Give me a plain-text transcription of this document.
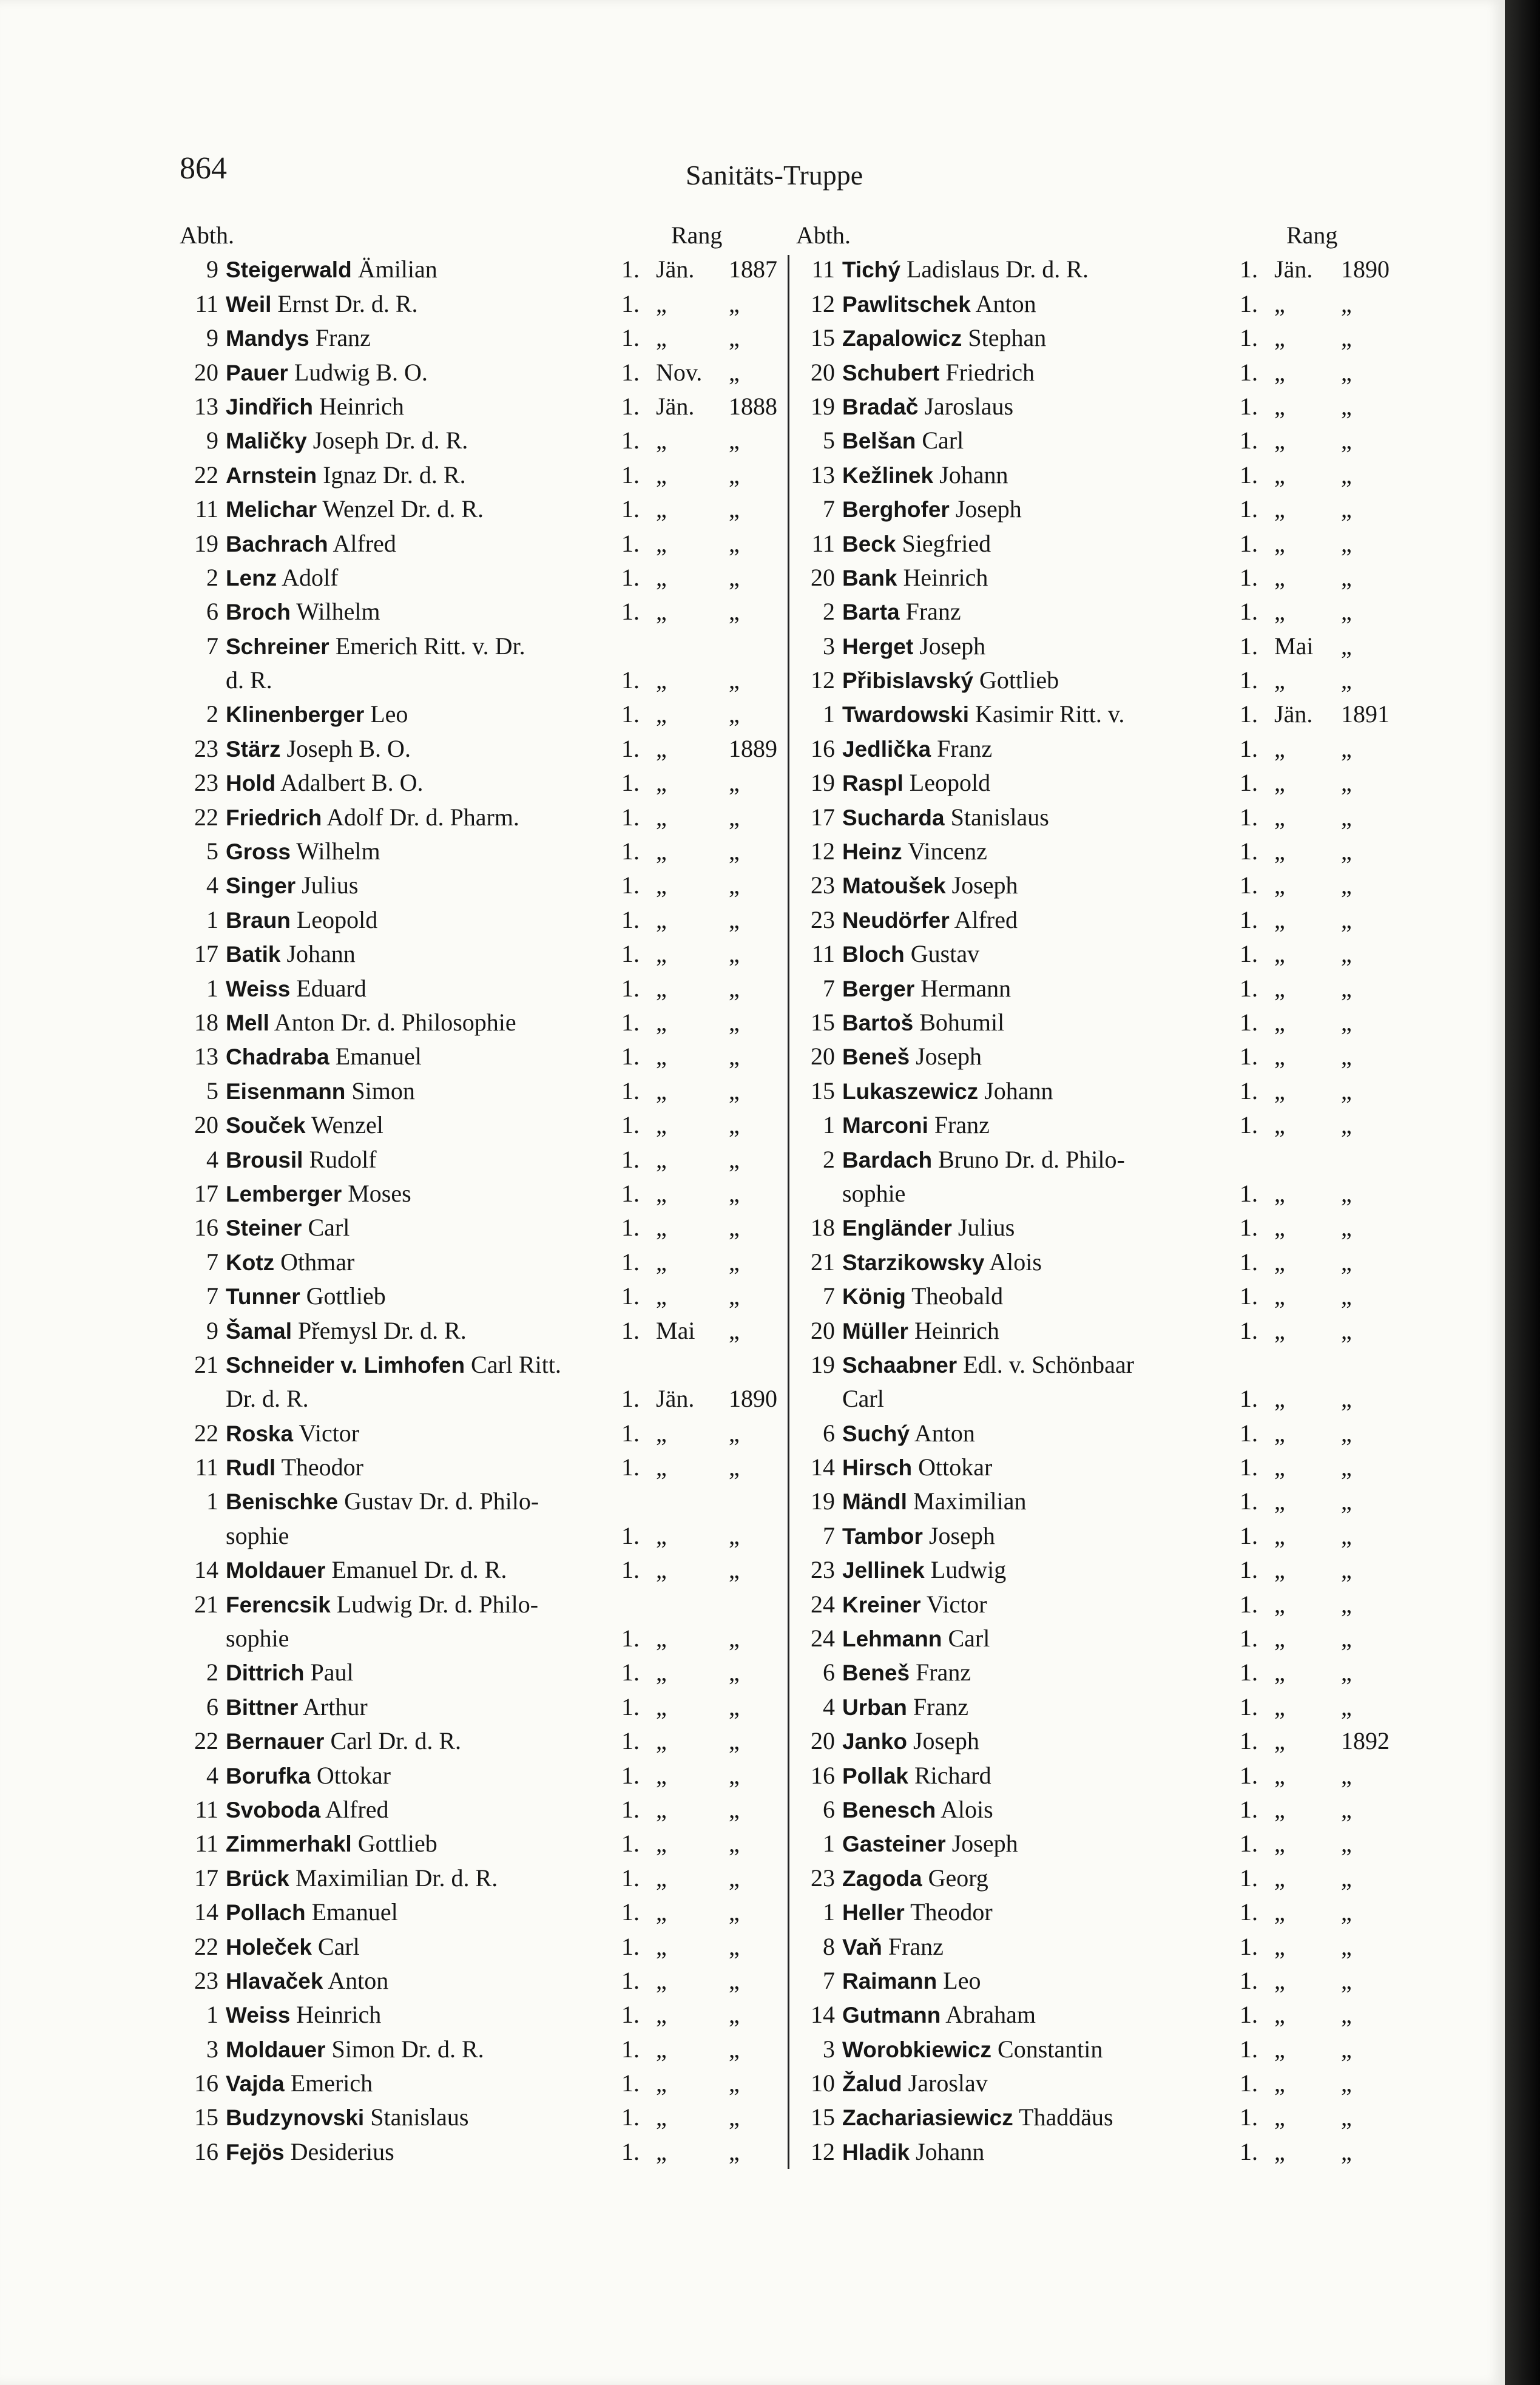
864	Sanitäts-Truppe
Abth.	Rang
9 Steigerwald Ämilian	1. Jän. 1887
11 Weil Ernst Dr. d. R.	1. „	„
9 Mandys Franz	1. „	„
20 Pauer Ludwig B. O.	1. Nov. „
13 Jindřich Heinrich	1. Jän. 1888
9 Maličky Joseph Dr. d. R.	1. „	„
22 Arnstein Ignaz Dr. d. R.	1. „	„
11 Melichar Wenzel Dr. d. R.	1. „	„
19 Bachrach Alfred	1. „	„
2 Lenz Adolf	1. „	„
6 Broch Wilhelm	1. „	„
7 Schreiner Emerich Ritt. v. Dr.
d. R.	1. „	„
2 Klinenberger Leo	1. „	„
23 Stärz Joseph B. O.	1. „	1889
23 Hold Adalbert B. O.	1. „	„
22 Friedrich Adolf Dr. d. Pharm.	1. „	„
5 Gross Wilhelm	1. „	„
4 Singer Julius	1. „	„
1 Braun Leopold	1. „	„
17 Batik Johann	1. „	„
1 Weiss Eduard	1. „	„
18 Mell Anton Dr. d. Philosophie	1. „	„
13 Chadraba Emanuel	1. „	„
5 Eisenmann Simon	1. „	„
20 Souček Wenzel	1. „	„
4 Brousil Rudolf	1. „	„
17 Lemberger Moses	1. „	„
16 Steiner Carl	1. „	„
7 Kotz Othmar	1. „	„
7 Tunner Gottlieb	1. „	„
9 Šamal Přemysl Dr. d. R.	1. Mai „
21 Schneider v. Limhofen Carl Ritt.
Dr. d. R.	1. Jän. 1890
22 Roska Victor	1. „	„
11 Rudl Theodor	1. „	„
1 Benischke Gustav Dr. d. Philo-
sophie	1. „	„
14 Moldauer Emanuel Dr. d. R.	1. „	„
21 Ferencsik Ludwig Dr. d. Philo-
sophie	1. „	„
2 Dittrich Paul	1. „	„
6 Bittner Arthur	1. „	„
22 Bernauer Carl Dr. d. R.	1. „	„
4 Borufka Ottokar	1. „	„
11 Svoboda Alfred	1. „	„
11 Zimmerhakl Gottlieb	1. „	„
17 Brück Maximilian Dr. d. R.	1. „	„
14 Pollach Emanuel	1. „	„
22 Holeček Carl	1. „	„
23 Hlavaček Anton	1. „	„
1 Weiss Heinrich	1. „	„
3 Moldauer Simon Dr. d. R.	1. „	„
16 Vajda Emerich	1. „	„
15 Budzynovski Stanislaus	1. „	„
16 Fejös Desiderius	1. „	„
Abth.	Rang
11 Tichý Ladislaus Dr. d. R.	1. Jän. 1890
12 Pawlitschek Anton	1. „ „
15 Zapalowicz Stephan	1. „ „
20 Schubert Friedrich	1. „ „
19 Bradač Jaroslaus	1. „ „
5 Belšan Carl	1. „ „
13 Kežlinek Johann	1. „ „
7 Berghofer Joseph	1. „ „
11 Beck Siegfried	1. „ „
20 Bank Heinrich	1. „ „
2 Barta Franz	1. „ „
3 Herget Joseph	1. Mai „
12 Přibislavský Gottlieb	1. „ „
1 Twardowski Kasimir Ritt. v.	1. Jän. 1891
16 Jedlička Franz	1. „ „
19 Raspl Leopold	1. „ „
17 Sucharda Stanislaus	1. „ „
12 Heinz Vincenz	1. „ „
23 Matoušek Joseph	1. „ „
23 Neudörfer Alfred	1. „ „
11 Bloch Gustav	1. „ „
7 Berger Hermann	1. „ „
15 Bartoš Bohumil	1. „ „
20 Beneš Joseph	1. „ „
15 Lukaszewicz Johann	1. „ „
1 Marconi Franz	1. „ „
2 Bardach Bruno Dr. d. Philo-
sophie	1. „ „
18 Engländer Julius	1. „ „
21 Starzikowsky Alois	1. „ „
7 König Theobald	1. „ „
20 Müller Heinrich	1. „ „
19 Schaabner Edl. v. Schönbaar
Carl	1. „ „
6 Suchý Anton	1. „ „
14 Hirsch Ottokar	1. „ „
19 Mändl Maximilian	1. „ „
7 Tambor Joseph	1. „ „
23 Jellinek Ludwig	1. „ „
24 Kreiner Victor	1. „ „
24 Lehmann Carl	1. „ „
6 Beneš Franz	1. „ „
4 Urban Franz	1. „ „
20 Janko Joseph	1. „ 1892
16 Pollak Richard	1. „ „
6 Benesch Alois	1. „ „
1 Gasteiner Joseph	1. „ „
23 Zagoda Georg	1. „ „
1 Heller Theodor	1. „ „
8 Vaň Franz	1. „ „
7 Raimann Leo	1. „ „
14 Gutmann Abraham	1. „ „
3 Worobkiewicz Constantin	1. „ „
10 Žalud Jaroslav	1. „ „
15 Zachariasiewicz Thaddäus	1. „ „
12 Hladik Johann	1. „ „
